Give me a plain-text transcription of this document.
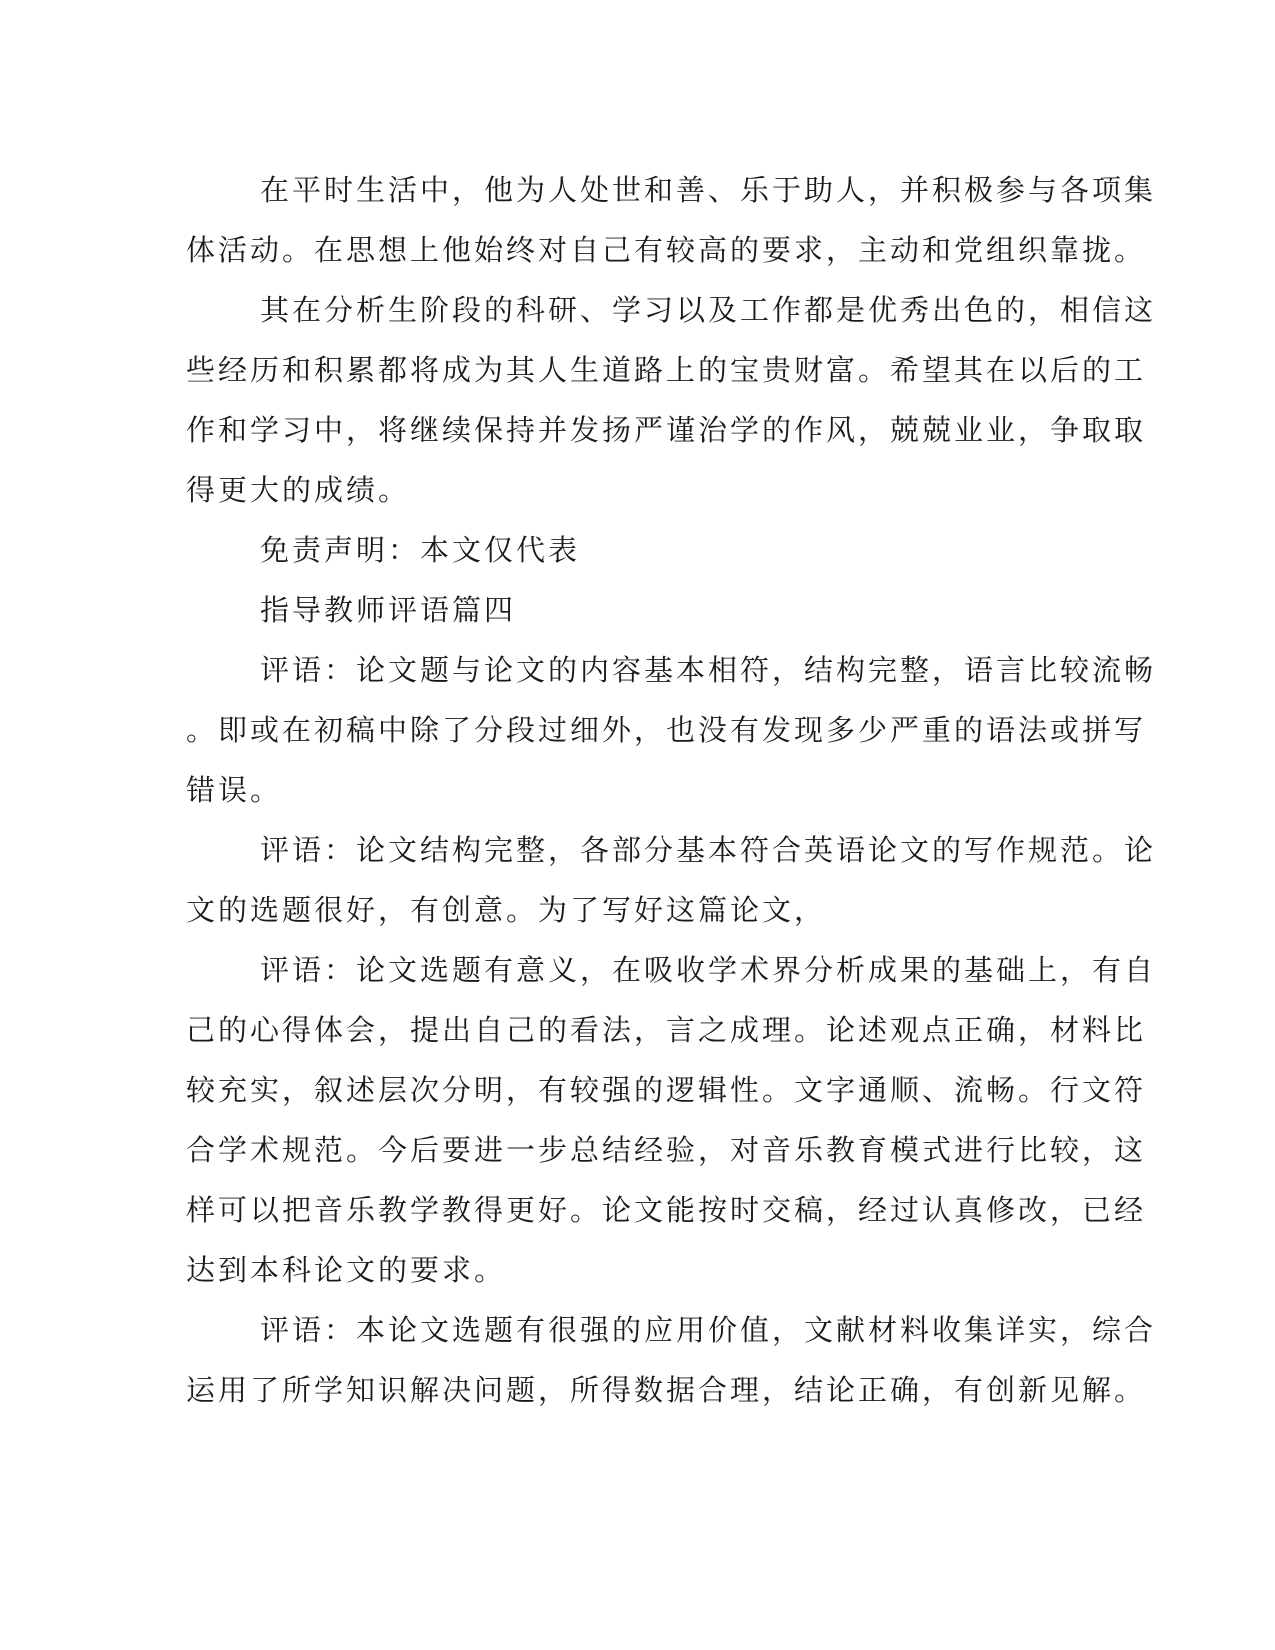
在平时生活中，他为人处世和善、乐于助人，并积极参与各项集
体活动。在思想上他始终对自己有较高的要求，主动和党组织靠拢。
其在分析生阶段的科研、学习以及工作都是优秀出色的，相信这
些经历和积累都将成为其人生道路上的宝贵财富。希望其在以后的工
作和学习中，将继续保持并发扬严谨治学的作风，兢兢业业，争取取
得更大的成绩。
免责声明：本文仅代表
指导教师评语篇四
评语：论文题与论文的内容基本相符，结构完整，语言比较流畅
。即或在初稿中除了分段过细外，也没有发现多少严重的语法或拼写
错误。
评语：论文结构完整，各部分基本符合英语论文的写作规范。论
文的选题很好，有创意。为了写好这篇论文，
评语：论文选题有意义，在吸收学术界分析成果的基础上，有自
己的心得体会，提出自己的看法，言之成理。论述观点正确，材料比
较充实，叙述层次分明，有较强的逻辑性。文字通顺、流畅。行文符
合学术规范。今后要进一步总结经验，对音乐教育模式进行比较，这
样可以把音乐教学教得更好。论文能按时交稿，经过认真修改，已经
达到本科论文的要求。
评语：本论文选题有很强的应用价值，文献材料收集详实，综合
运用了所学知识解决问题，所得数据合理，结论正确，有创新见解。
